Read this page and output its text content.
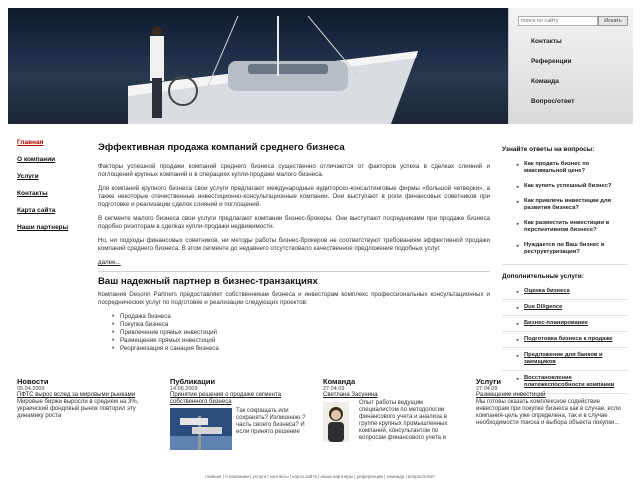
поиск по сайту
Искать
Контакты
Референции
Команда
Вопрос/ответ
Главная
О компании
Услуги
Контакты
Карта сайта
Наши партнеры
Эффективная продажа компаний среднего бизнеса

Факторы успешной продажи компаний среднего бизнеса существенно отличаются от факторов успеха в сделках слияний и поглощений крупных компаний и в операциях купли-продажи малого бизнеса.

Для компаний крупного бизнеса свои услуги предлагают международные аудиторско-консалтинговые фирмы «большой четверки», а также некоторые отечественные инвестиционно-консультационные компании. Они выступают в роли финансовых советников при подготовке и реализации сделок слияний и поглощений.

В сегменте малого бизнеса свои услуги предлагают компании бизнес-брокеры. Они выступают посредниками при продаже бизнеса подобно риэлторам в сделках купли-продажи недвижимости.

Но, ни подходы финансовых советников, ни методы работы бизнес-брокеров не соответствуют требованиям эффективной продажи компаний среднего бизнеса. В этом сегменте до недавнего отсутствовало качественное предложение подобных услуг.

далее...
Ваш надежный партнер в бизнес-транзакциях

Компания Desonn Partners предоставляет собственникам бизнеса и инвесторам комплекс профессиональных консультационных и посреднических услуг по подготовке и реализации следующих проектов:

• Продажа бизнеса
• Покупка бизнеса
• Привлечение прямых инвестиций
• Размещение прямых инвестиций
• Реорганизация и санация бизнеса
Узнайте ответы на вопросы:
► Как продать бизнес по максимальной цене?
► Как купить успешный бизнес?
► Как привлечь инвестиции для развития бизнеса?
► Как разместить инвестиции в перспективном бизнесе?
► Нуждается ли Ваш бизнес в реструктуризации?
Дополнительные услуги:
► Оценка бизнеса
► Due Diligence
► Бизнес-планирование
► Подготовка бизнеса к продаже
► Предложение для банков и заемщиков
► Восстановление платежеспособности компании
Новости
05.04.2009
ПФТС вырос вслед за мировыми рынками
Мировые биржи выросли в среднем на 3%, украинский фондовый рынок повторил эту динамику роста
Публикации
14.06.2009
Принятие решения о продаже сегмента собственного бизнеса
Так сокращать или сохранять? Излишнюю ? часть своего бизнеса? И если принято решение
Команда
27.04.09
Светлана Засунина
Опыт работы ведущим специалистом по методологии финансового учета и анализа в группе крупных промышленных компаний, консультантом по вопросам финансового учета и
Услуги
27.04.09
Размещение инвестиций
Мы готовы оказать комплексное содействие инвесторам при покупке бизнеса как в случае, если компания-цель уже определена, так и в случае необходимости поиска и выбора объекта покупки...
главная | о компании | услуги | контакты | карта сайта | наши партнеры | референции | команда | вопрос/ответ
